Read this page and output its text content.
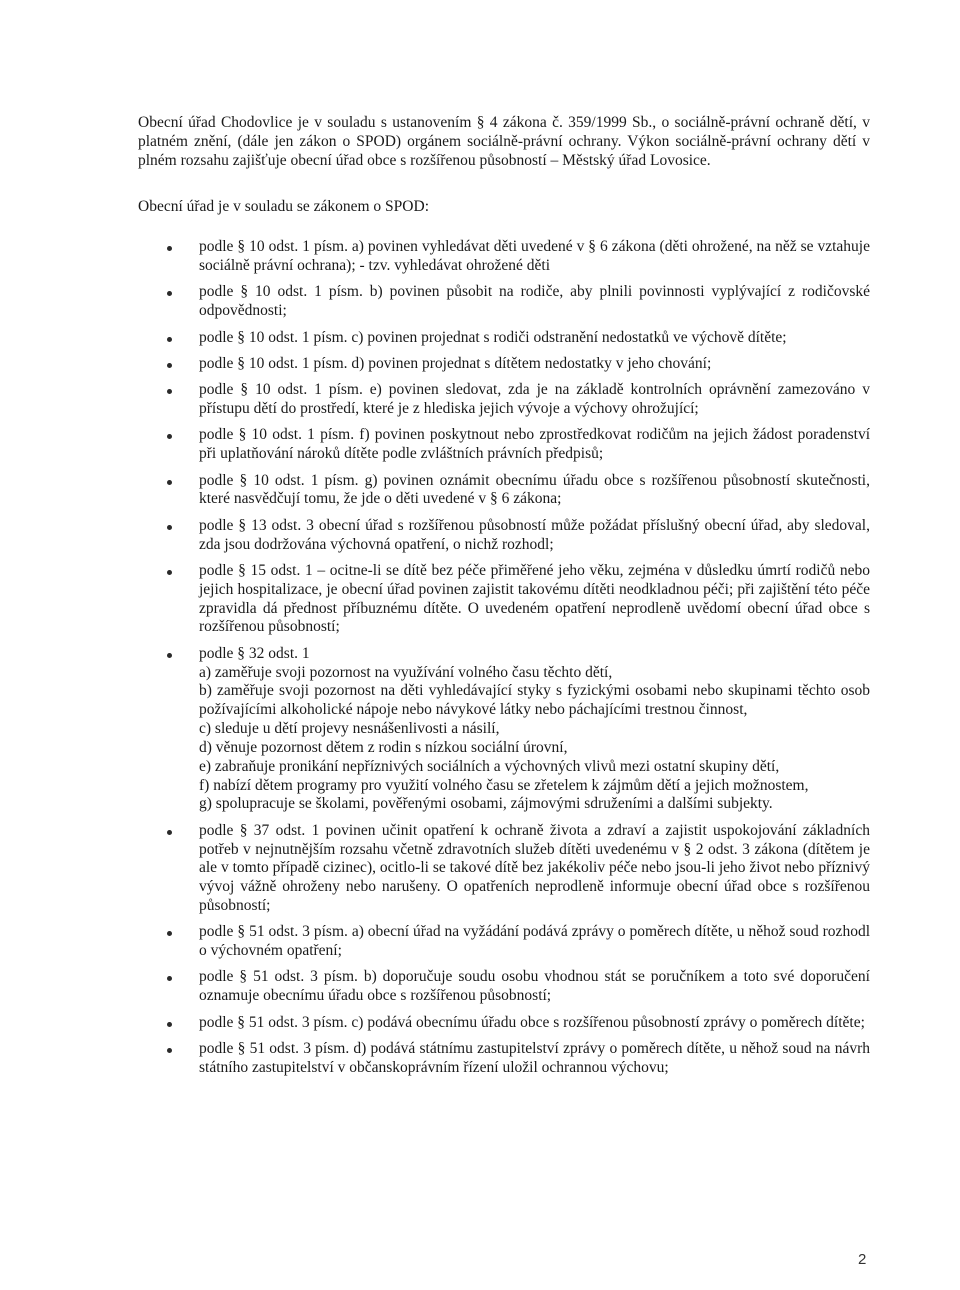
Obecní úřad Chodovlice je v souladu s ustanovením § 4 zákona č. 359/1999 Sb., o sociálně-právní ochraně dětí, v platném znění, (dále jen zákon o SPOD) orgánem sociálně-právní ochrany. Výkon sociálně-právní ochrany dětí v plném rozsahu zajišťuje obecní úřad obce s rozšířenou působností – Městský úřad Lovosice.

Obecní úřad je v souladu se zákonem o SPOD:

podle § 10 odst. 1 písm. a) povinen vyhledávat děti uvedené v § 6 zákona (děti ohrožené, na něž se vztahuje sociálně právní ochrana); - tzv. vyhledávat ohrožené děti
podle § 10 odst. 1 písm. b) povinen působit na rodiče, aby plnili povinnosti vyplývající z rodičovské odpovědnosti;
podle § 10 odst. 1 písm. c) povinen projednat s rodiči odstranění nedostatků ve výchově dítěte;
podle § 10 odst. 1 písm. d) povinen projednat s dítětem nedostatky v jeho chování;
podle § 10 odst. 1 písm. e) povinen sledovat, zda je na základě kontrolních oprávnění zamezováno v přístupu dětí do prostředí, které je z hlediska jejich vývoje a výchovy ohrožující;
podle § 10 odst. 1 písm. f) povinen poskytnout nebo zprostředkovat rodičům na jejich žádost poradenství při uplatňování nároků dítěte podle zvláštních právních předpisů;
podle § 10 odst. 1 písm. g) povinen oznámit obecnímu úřadu obce s rozšířenou působností skutečnosti, které nasvědčují tomu, že jde o děti uvedené v § 6 zákona;
podle § 13 odst. 3 obecní úřad s rozšířenou působností může požádat příslušný obecní úřad, aby sledoval, zda jsou dodržována výchovná opatření, o nichž rozhodl;
podle § 15 odst. 1 – ocitne-li se dítě bez péče přiměřené jeho věku, zejména v důsledku úmrtí rodičů nebo jejich hospitalizace, je obecní úřad povinen zajistit takovému dítěti neodkladnou péči; při zajištění této péče zpravidla dá přednost příbuznému dítěte. O uvedeném opatření neprodleně uvědomí obecní úřad obce s rozšířenou působností;
podle § 32 odst. 1
a) zaměřuje svoji pozornost na využívání volného času těchto dětí,
b) zaměřuje svoji pozornost na děti vyhledávající styky s fyzickými osobami nebo skupinami těchto osob požívajícími alkoholické nápoje nebo návykové látky nebo páchajícími trestnou činnost,
c) sleduje u dětí projevy nesnášenlivosti a násilí,
d) věnuje pozornost dětem z rodin s nízkou sociální úrovní,
e) zabraňuje pronikání nepříznivých sociálních a výchovných vlivů mezi ostatní skupiny dětí,
f) nabízí dětem programy pro využití volného času se zřetelem k zájmům dětí a jejich možnostem,
g) spolupracuje se školami, pověřenými osobami, zájmovými sdruženími a dalšími subjekty.
podle § 37 odst. 1 povinen učinit opatření k ochraně života a zdraví a zajistit uspokojování základních potřeb v nejnutnějším rozsahu včetně zdravotních služeb dítěti uvedenému v § 2 odst. 3 zákona (dítětem je ale v tomto případě cizinec), ocitlo-li se takové dítě bez jakékoliv péče nebo jsou-li jeho život nebo příznivý vývoj vážně ohroženy nebo narušeny. O opatřeních neprodleně informuje obecní úřad obce s rozšířenou působností;
podle § 51 odst. 3 písm. a) obecní úřad na vyžádání podává zprávy o poměrech dítěte, u něhož soud rozhodl o výchovném opatření;
podle § 51 odst. 3 písm. b) doporučuje soudu osobu vhodnou stát se poručníkem a toto své doporučení oznamuje obecnímu úřadu obce s rozšířenou působností;
podle § 51 odst. 3 písm. c) podává obecnímu úřadu obce s rozšířenou působností zprávy o poměrech dítěte;
podle § 51 odst. 3 písm. d) podává státnímu zastupitelství zprávy o poměrech dítěte, u něhož soud na návrh státního zastupitelství v občanskoprávním řízení uložil ochrannou výchovu;
2
